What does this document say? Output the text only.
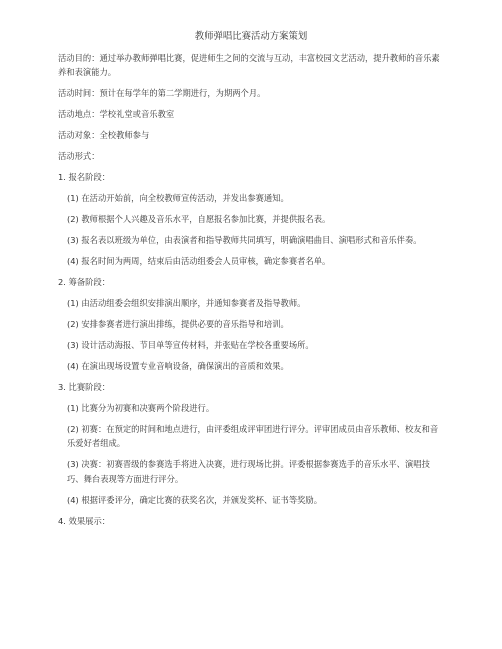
教师弹唱比赛活动方案策划
活动目的：通过举办教师弹唱比赛，促进师生之间的交流与互动，丰富校园文艺活动，提升教师的音乐素养和表演能力。
活动时间：预计在每学年的第二学期进行，为期两个月。
活动地点：学校礼堂或音乐教室
活动对象：全校教师参与
活动形式：
1. 报名阶段：
(1) 在活动开始前，向全校教师宣传活动，并发出参赛通知。
(2) 教师根据个人兴趣及音乐水平，自愿报名参加比赛，并提供报名表。
(3) 报名表以班级为单位，由表演者和指导教师共同填写，明确演唱曲目、演唱形式和音乐伴奏。
(4) 报名时间为两周，结束后由活动组委会人员审核，确定参赛者名单。
2. 筹备阶段：
(1) 由活动组委会组织安排演出顺序，并通知参赛者及指导教师。
(2) 安排参赛者进行演出排练，提供必要的音乐指导和培训。
(3) 设计活动海报、节目单等宣传材料，并张贴在学校各重要场所。
(4) 在演出现场设置专业音响设备，确保演出的音质和效果。
3. 比赛阶段：
(1) 比赛分为初赛和决赛两个阶段进行。
(2) 初赛：在预定的时间和地点进行，由评委组成评审团进行评分。评审团成员由音乐教师、校友和音乐爱好者组成。
(3) 决赛：初赛晋级的参赛选手将进入决赛，进行现场比拼。评委根据参赛选手的音乐水平、演唱技巧、舞台表现等方面进行评分。
(4) 根据评委评分，确定比赛的获奖名次，并颁发奖杯、证书等奖励。
4. 效果展示：
